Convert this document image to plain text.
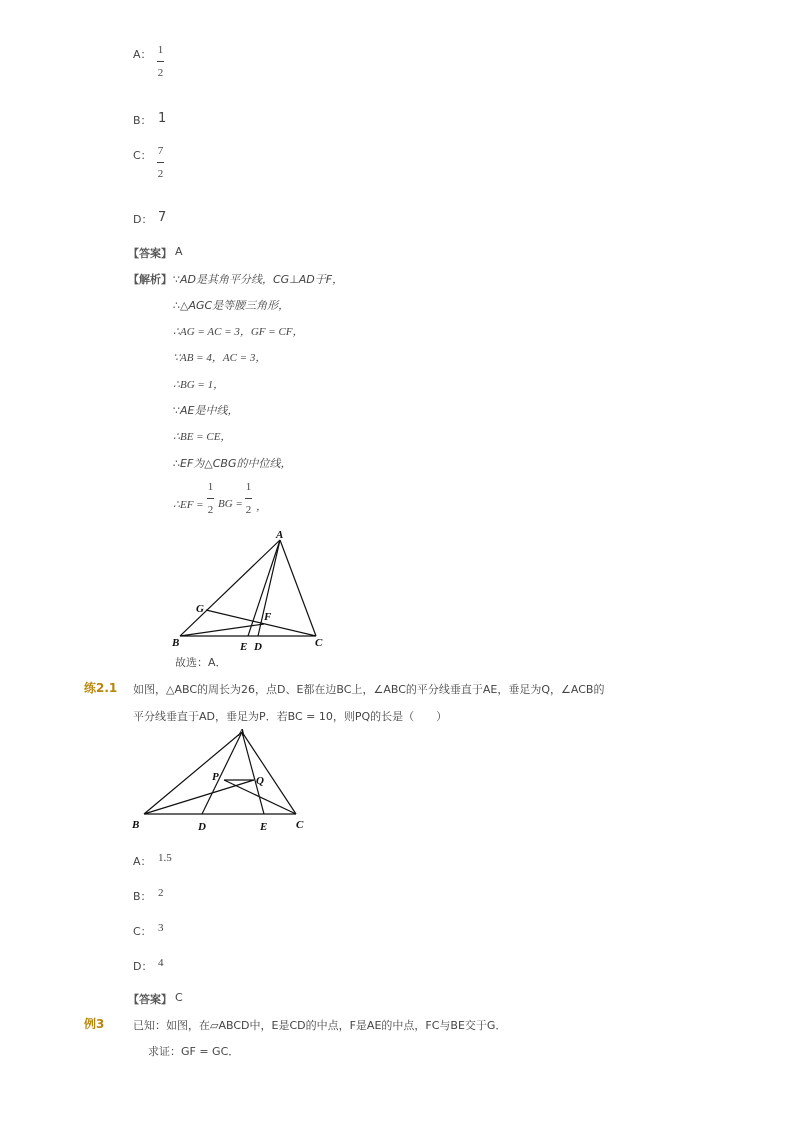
A： 1
2
B： 1
C： 7
2
D： 7
【答案】 A
【解析】 ∵AD是其角平分线，CG⊥AD于F，
∴△AGC是等腰三角形，
∴AG = AC = 3，GF = CF，
∵AB = 4，AC = 3，
∴BG = 1，
∵AE是中线，
∴BE = CE，
∴EF为△CBG的中位线，
∴EF =
1
2 BG =
1
2 ，
A
B	C
D
E
F
G
故选：A．
练2.1 如图，△ABC的周长为26，点D、E都在边BC上，∠ABC的平分线垂直于AE，垂足为Q，∠ACB的
平分线垂直于AD，垂足为P．若BC = 10，则PQ的长是（　　）
A
B	C
D	E
P	Q
A： 1.5
B： 2
C： 3
D： 4
【答案】 C
例3	已知：如图，在▱ABCD中，E是CD的中点，F是AE的中点，FC与BE交于G．
求证：GF = GC．
